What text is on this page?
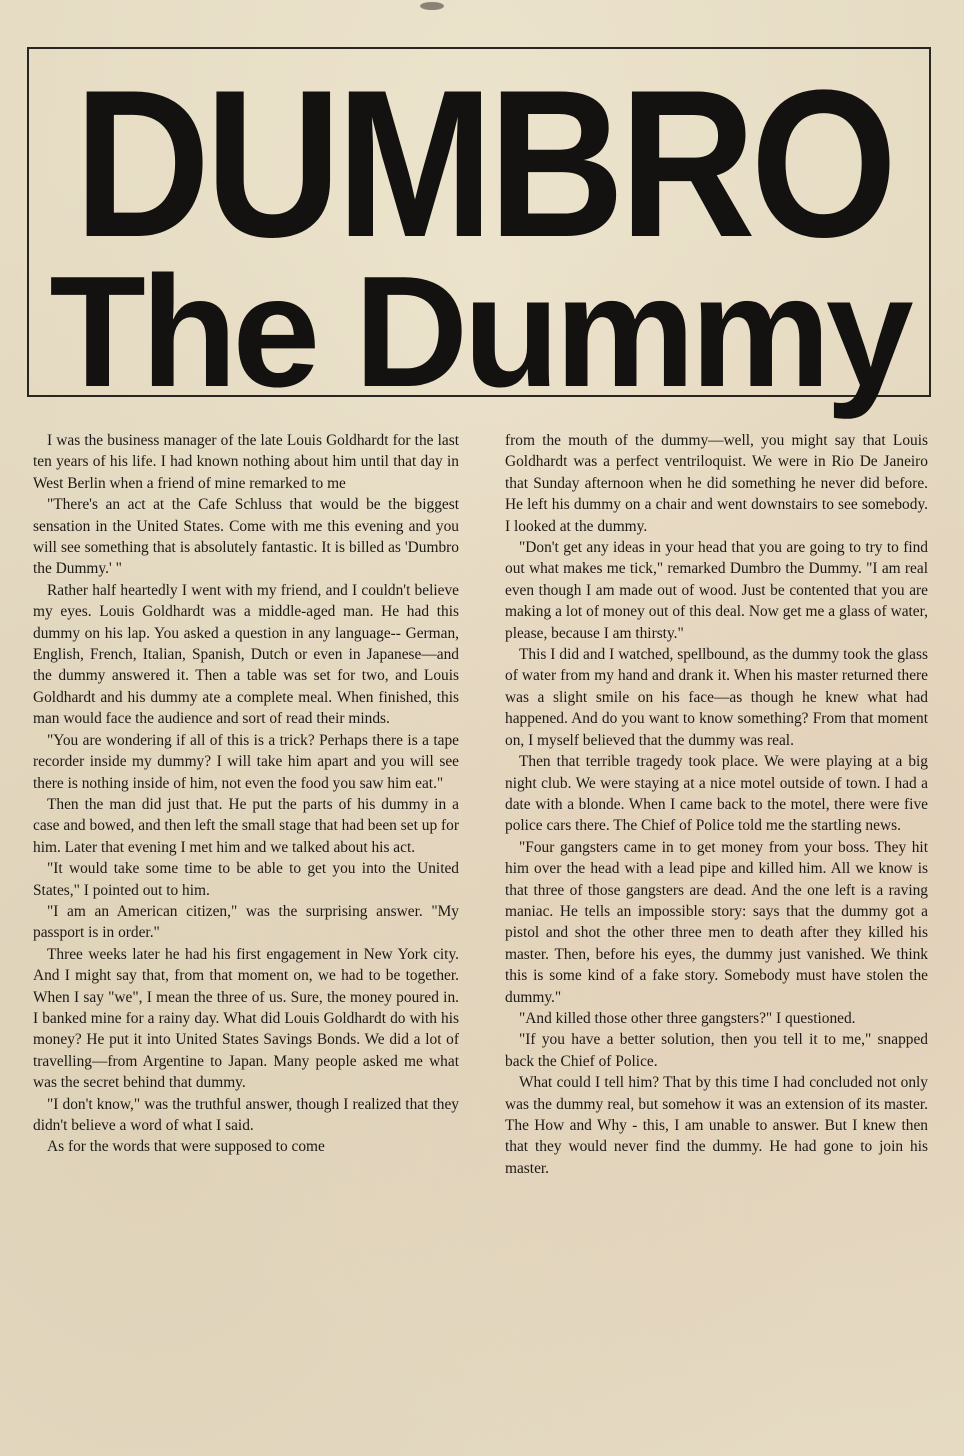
DUMBRO
The Dummy

I was the business manager of the late Louis Goldhardt for the last ten years of his life. I had known nothing about him until that day in West Berlin when a friend of mine remarked to me

"There's an act at the Cafe Schluss that would be the biggest sensation in the United States. Come with me this evening and you will see something that is absolutely fantastic. It is billed as 'Dumbro the Dummy.' "

Rather half heartedly I went with my friend, and I couldn't believe my eyes. Louis Goldhardt was a middle-aged man. He had this dummy on his lap. You asked a question in any language-- German, English, French, Italian, Spanish, Dutch or even in Japanese—and the dummy answered it. Then a table was set for two, and Louis Goldhardt and his dummy ate a complete meal. When finished, this man would face the audience and sort of read their minds.

"You are wondering if all of this is a trick? Perhaps there is a tape recorder inside my dummy? I will take him apart and you will see there is nothing inside of him, not even the food you saw him eat."

Then the man did just that. He put the parts of his dummy in a case and bowed, and then left the small stage that had been set up for him. Later that evening I met him and we talked about his act.

"It would take some time to be able to get you into the United States," I pointed out to him.

"I am an American citizen," was the surprising answer. "My passport is in order."

Three weeks later he had his first engagement in New York city. And I might say that, from that moment on, we had to be together. When I say "we", I mean the three of us. Sure, the money poured in. I banked mine for a rainy day. What did Louis Goldhardt do with his money? He put it into United States Savings Bonds. We did a lot of travelling—from Argentine to Japan. Many people asked me what was the secret behind that dummy.

"I don't know," was the truthful answer, though I realized that they didn't believe a word of what I said.

As for the words that were supposed to come

from the mouth of the dummy—well, you might say that Louis Goldhardt was a perfect ventriloquist. We were in Rio De Janeiro that Sunday afternoon when he did something he never did before. He left his dummy on a chair and went downstairs to see somebody. I looked at the dummy.

"Don't get any ideas in your head that you are going to try to find out what makes me tick," remarked Dumbro the Dummy. "I am real even though I am made out of wood. Just be contented that you are making a lot of money out of this deal. Now get me a glass of water, please, because I am thirsty."

This I did and I watched, spellbound, as the dummy took the glass of water from my hand and drank it. When his master returned there was a slight smile on his face—as though he knew what had happened. And do you want to know something? From that moment on, I myself believed that the dummy was real.

Then that terrible tragedy took place. We were playing at a big night club. We were staying at a nice motel outside of town. I had a date with a blonde. When I came back to the motel, there were five police cars there. The Chief of Police told me the startling news.

"Four gangsters came in to get money from your boss. They hit him over the head with a lead pipe and killed him. All we know is that three of those gangsters are dead. And the one left is a raving maniac. He tells an impossible story: says that the dummy got a pistol and shot the other three men to death after they killed his master. Then, before his eyes, the dummy just vanished. We think this is some kind of a fake story. Somebody must have stolen the dummy."

"And killed those other three gangsters?" I questioned.

"If you have a better solution, then you tell it to me," snapped back the Chief of Police.

What could I tell him? That by this time I had concluded not only was the dummy real, but somehow it was an extension of its master. The How and Why - this, I am unable to answer. But I knew then that they would never find the dummy. He had gone to join his master.
